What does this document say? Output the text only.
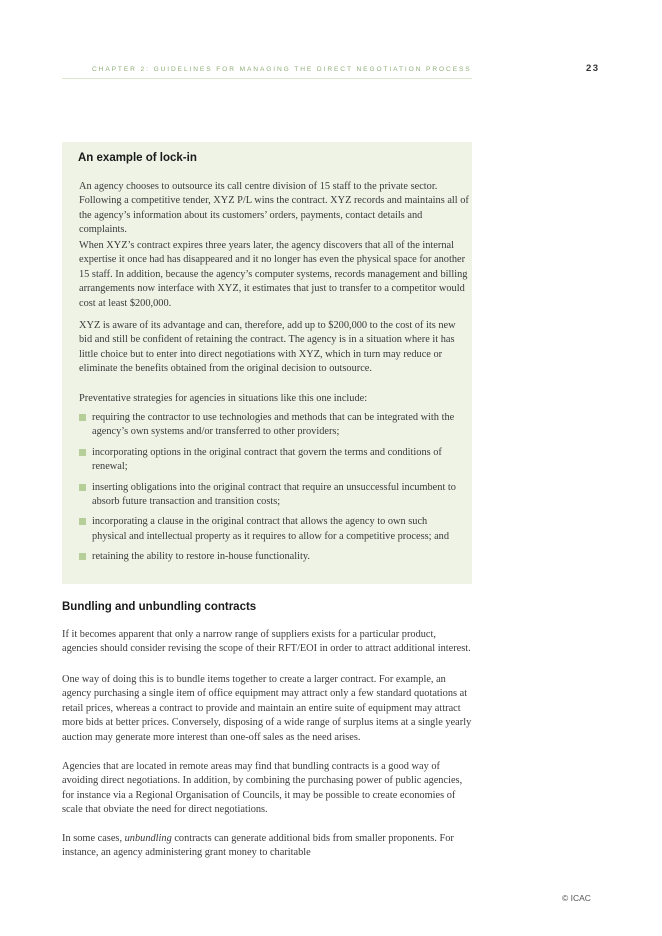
CHAPTER 2: GUIDELINES FOR MANAGING THE DIRECT NEGOTIATION PROCESS	23
An example of lock-in
An agency chooses to outsource its call centre division of 15 staff to the private sector. Following a competitive tender, XYZ P/L wins the contract. XYZ records and maintains all of the agency’s information about its customers’ orders, payments, contact details and complaints.
When XYZ’s contract expires three years later, the agency discovers that all of the internal expertise it once had has disappeared and it no longer has even the physical space for another 15 staff. In addition, because the agency’s computer systems, records management and billing arrangements now interface with XYZ, it estimates that just to transfer to a competitor would cost at least $200,000.
XYZ is aware of its advantage and can, therefore, add up to $200,000 to the cost of its new bid and still be confident of retaining the contract. The agency is in a situation where it has little choice but to enter into direct negotiations with XYZ, which in turn may reduce or eliminate the benefits obtained from the original decision to outsource.
Preventative strategies for agencies in situations like this one include:
requiring the contractor to use technologies and methods that can be integrated with the agency’s own systems and/or transferred to other providers;
incorporating options in the original contract that govern the terms and conditions of renewal;
inserting obligations into the original contract that require an unsuccessful incumbent to absorb future transaction and transition costs;
incorporating a clause in the original contract that allows the agency to own such physical and intellectual property as it requires to allow for a competitive process; and
retaining the ability to restore in-house functionality.
Bundling and unbundling contracts
If it becomes apparent that only a narrow range of suppliers exists for a particular product, agencies should consider revising the scope of their RFT/EOI in order to attract additional interest.
One way of doing this is to bundle items together to create a larger contract. For example, an agency purchasing a single item of office equipment may attract only a few standard quotations at retail prices, whereas a contract to provide and maintain an entire suite of equipment may attract more bids at better prices. Conversely, disposing of a wide range of surplus items at a single yearly auction may generate more interest than one-off sales as the need arises.
Agencies that are located in remote areas may find that bundling contracts is a good way of avoiding direct negotiations. In addition, by combining the purchasing power of public agencies, for instance via a Regional Organisation of Councils, it may be possible to create economies of scale that obviate the need for direct negotiations.
In some cases, unbundling contracts can generate additional bids from smaller proponents. For instance, an agency administering grant money to charitable
© ICAC
